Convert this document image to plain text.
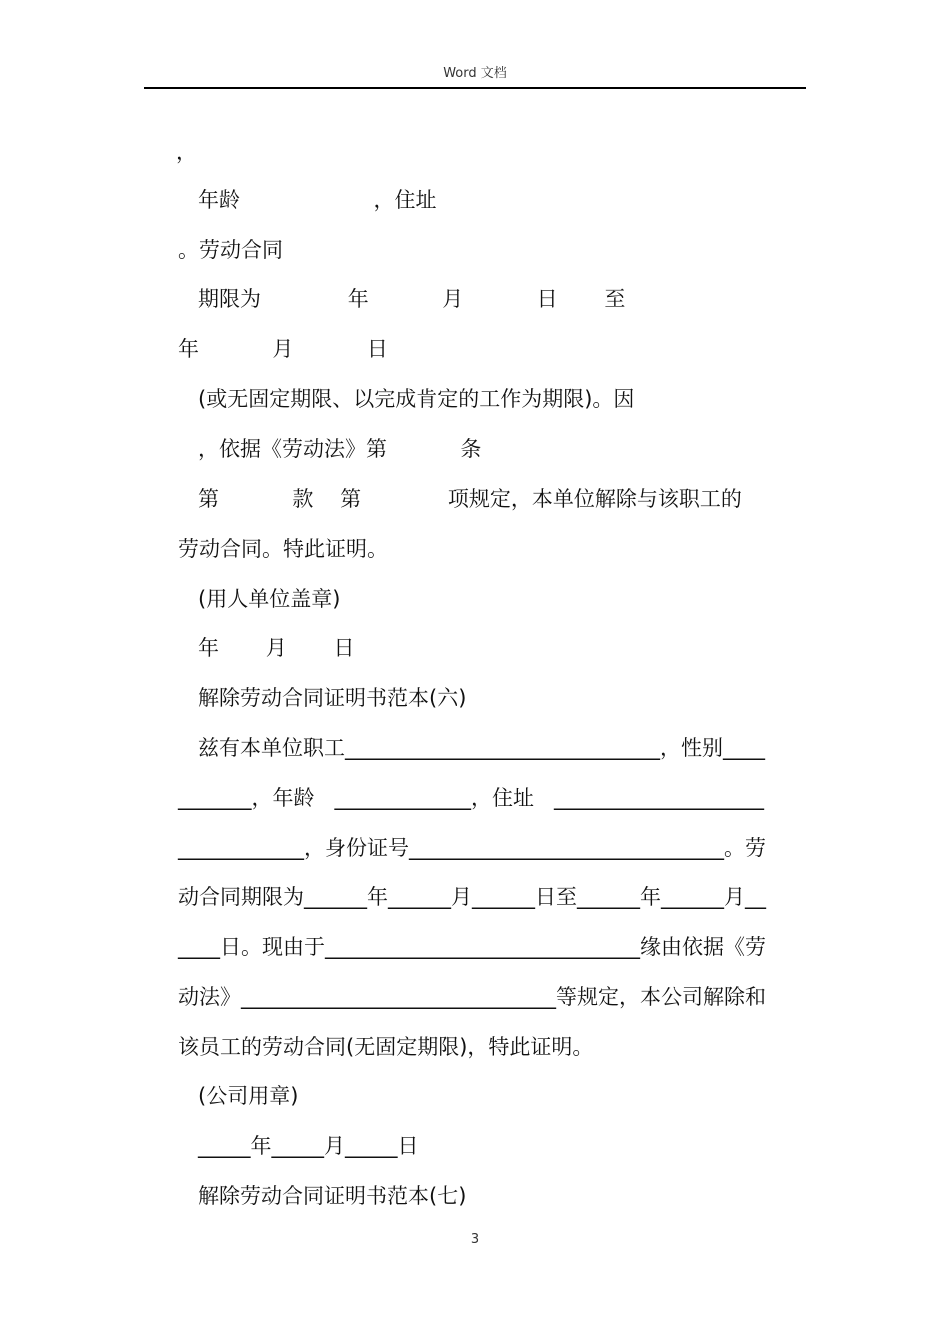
Word 文档
，
年龄                    ，住址
。劳动合同
期限为             年           月           日       至
年           月           日
(或无固定期限、以完成肯定的工作为期限)。因
，依据《劳动法》第           条
第           款    第             项规定，本单位解除与该职工的
劳动合同。特此证明。
(用人单位盖章)
年       月       日
解除劳动合同证明书范本(六)
兹有本单位职工______________________________，性别____
_______，年龄   _____________，住址   ____________________
____________，身份证号______________________________。劳
动合同期限为______年______月______日至______年______月__
____日。现由于______________________________缘由依据《劳
动法》______________________________等规定，本公司解除和
该员工的劳动合同(无固定期限)，特此证明。
(公司用章)
_____年_____月_____日
解除劳动合同证明书范本(七)
3
